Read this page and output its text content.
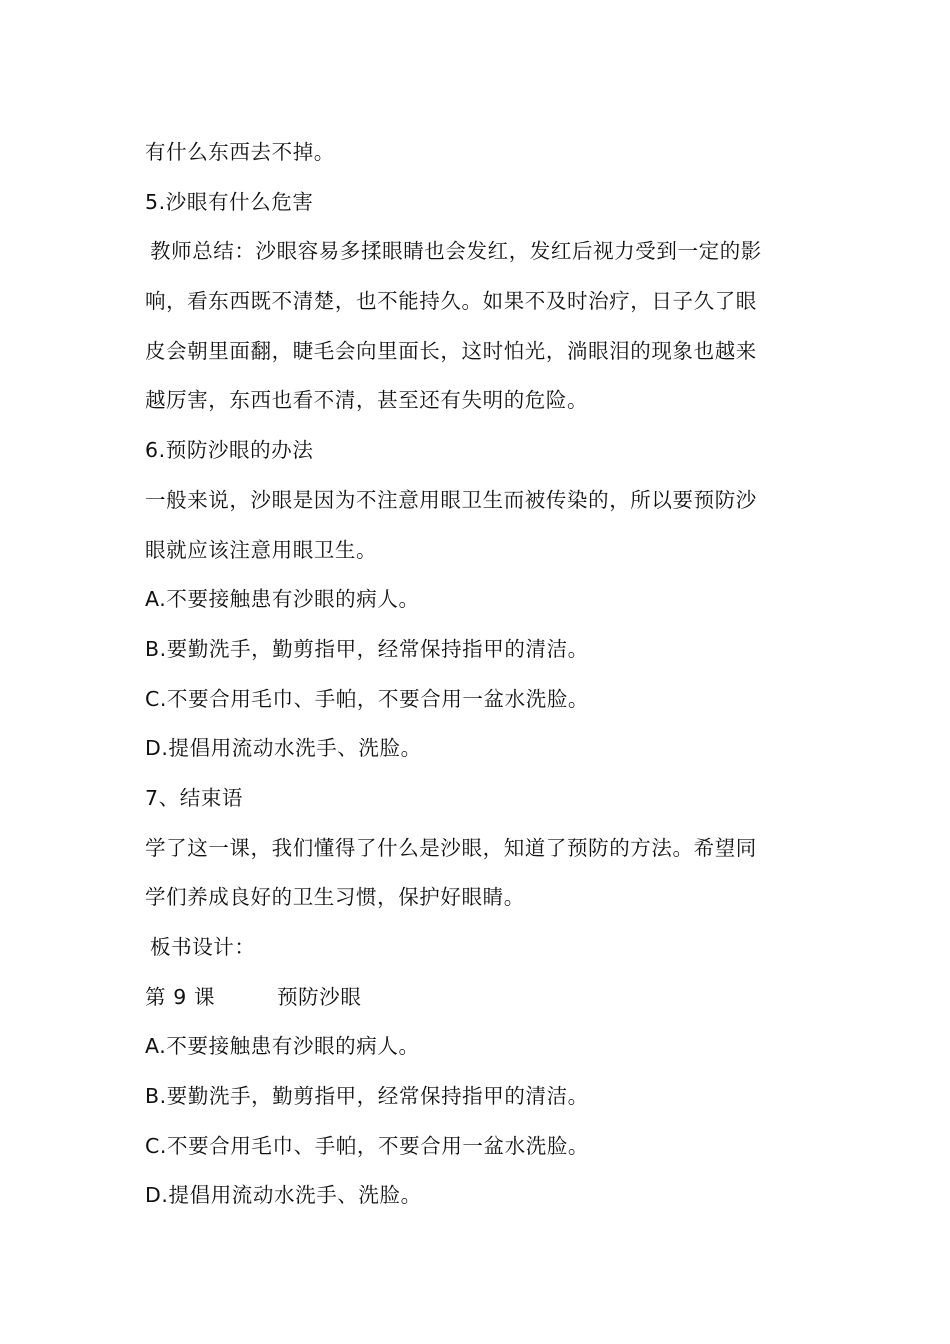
有什么东西去不掉。
5.沙眼有什么危害
教师总结：沙眼容易多揉眼睛也会发红，发红后视力受到一定的影
响，看东西既不清楚，也不能持久。如果不及时治疗，日子久了眼
皮会朝里面翻，睫毛会向里面长，这时怕光，淌眼泪的现象也越来
越厉害，东西也看不清，甚至还有失明的危险。
6.预防沙眼的办法
一般来说，沙眼是因为不注意用眼卫生而被传染的，所以要预防沙
眼就应该注意用眼卫生。
A.不要接触患有沙眼的病人。
B.要勤洗手，勤剪指甲，经常保持指甲的清洁。
C.不要合用毛巾、手帕，不要合用一盆水洗脸。
D.提倡用流动水洗手、洗脸。
7、结束语
学了这一课，我们懂得了什么是沙眼，知道了预防的方法。希望同
学们养成良好的卫生习惯，保护好眼睛。
板书设计：
第 9 课	预防沙眼
A.不要接触患有沙眼的病人。
B.要勤洗手，勤剪指甲，经常保持指甲的清洁。
C.不要合用毛巾、手帕，不要合用一盆水洗脸。
D.提倡用流动水洗手、洗脸。
